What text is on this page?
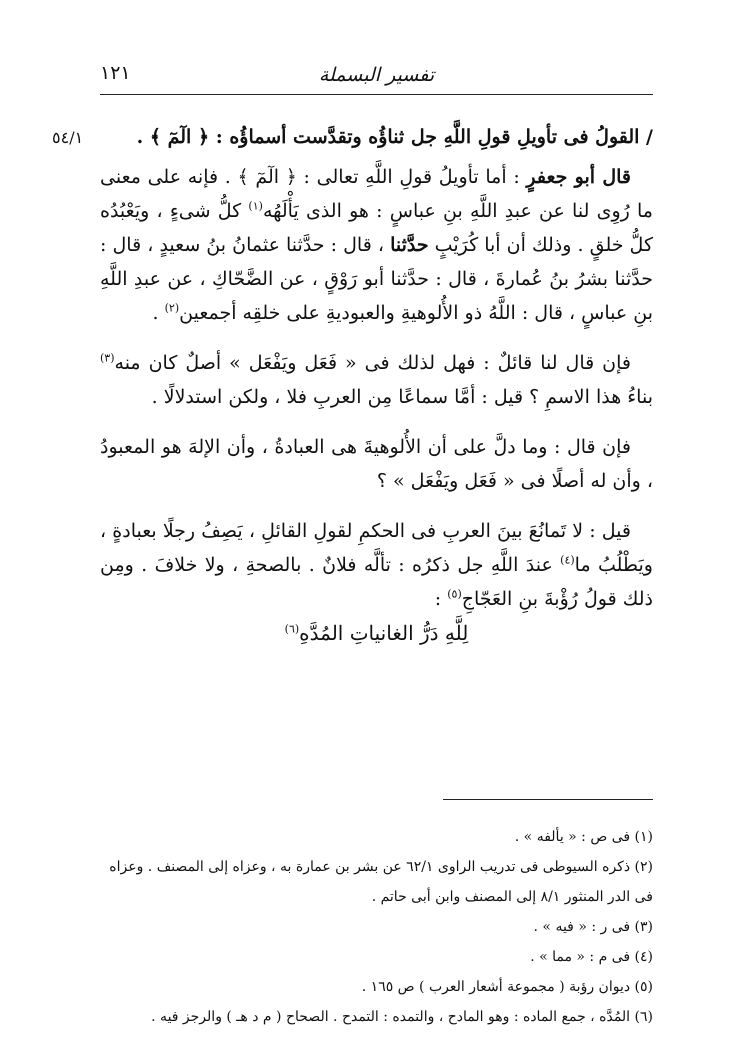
١٢١	تفسير البسملة
٥٤/١	/ القولُ فى تأويلِ قولِ اللَّهِ جل ثناؤُه وتقدَّست أسماؤُه : ﴿ الٓمٓ ﴾ .

قال أبو جعفرٍ : أما تأويلُ قولِ اللَّهِ تعالى : ﴿ الٓمٓ ﴾ . فإنه على معنى ما رُوِى لنا عن عبدِ اللَّهِ بنِ عباسٍ : هو الذى يَأْلَهُه$^{(١)}$ كلُّ شىءٍ ، ويَعْبُدُه كلُّ خلقٍ . وذلك أن أبا كُرَيْبٍ حدَّثنا ، قال : حدَّثنا عثمانُ بنُ سعيدٍ ، قال : حدَّثنا بشرُ بنُ عُمارةَ ، قال : حدَّثنا أبو رَوْقٍ ، عن الضَّحّاكِ ، عن عبدِ اللَّهِ بنِ عباسٍ ، قال : اللَّهُ ذو الأُلوهيةِ والعبوديةِ على خلقِه أجمعين$^{(٢)}$ .

فإن قال لنا قائلٌ : فهل لذلك فى « فَعَل ويَفْعَل » أصلٌ كان منه$^{(٣)}$ بناءُ هذا الاسمِ ؟ قيل : أمَّا سماعًا مِن العربِ فلا ، ولكن استدلالًا .

فإن قال : وما دلَّ على أن الأُلوهيةَ هى العبادةُ ، وأن الإلهَ هو المعبودُ ، وأن له أصلًا فى « فَعَل ويَفْعَل » ؟

قيل : لا تَمانُعَ بينَ العربِ فى الحكمِ لقولِ القائلِ ، يَصِفُ رجلًا بعبادةٍ ، ويَطْلُبُ ما$^{(٤)}$ عندَ اللَّهِ جل ذكرُه : تألَّه فلانٌ . بالصحةِ ، ولا خلافَ . ومِن ذلك قولُ رُؤْبةَ بنِ العَجّاجِ$^{(٥)}$ :

لِلَّهِ دَرُّ الغانياتِ المُدَّهِ$^{(٦)}$

(١) فى ص : « يألفه » .
(٢) ذكره السيوطى فى تدريب الراوى ٦٢/١ عن بشر بن عمارة به ، وعزاه إلى المصنف . وعزاه فى الدر المنثور ٨/١ إلى المصنف وابن أبى حاتم .
(٣) فى ر : « فيه » .
(٤) فى م : « مما » .
(٥) ديوان رؤبة ( مجموعة أشعار العرب ) ص ١٦٥ .
(٦) المُدَّه ، جمع الماده : وهو المادح ، والتمده : التمدح . الصحاح ( م د هـ ) والرجز فيه .
